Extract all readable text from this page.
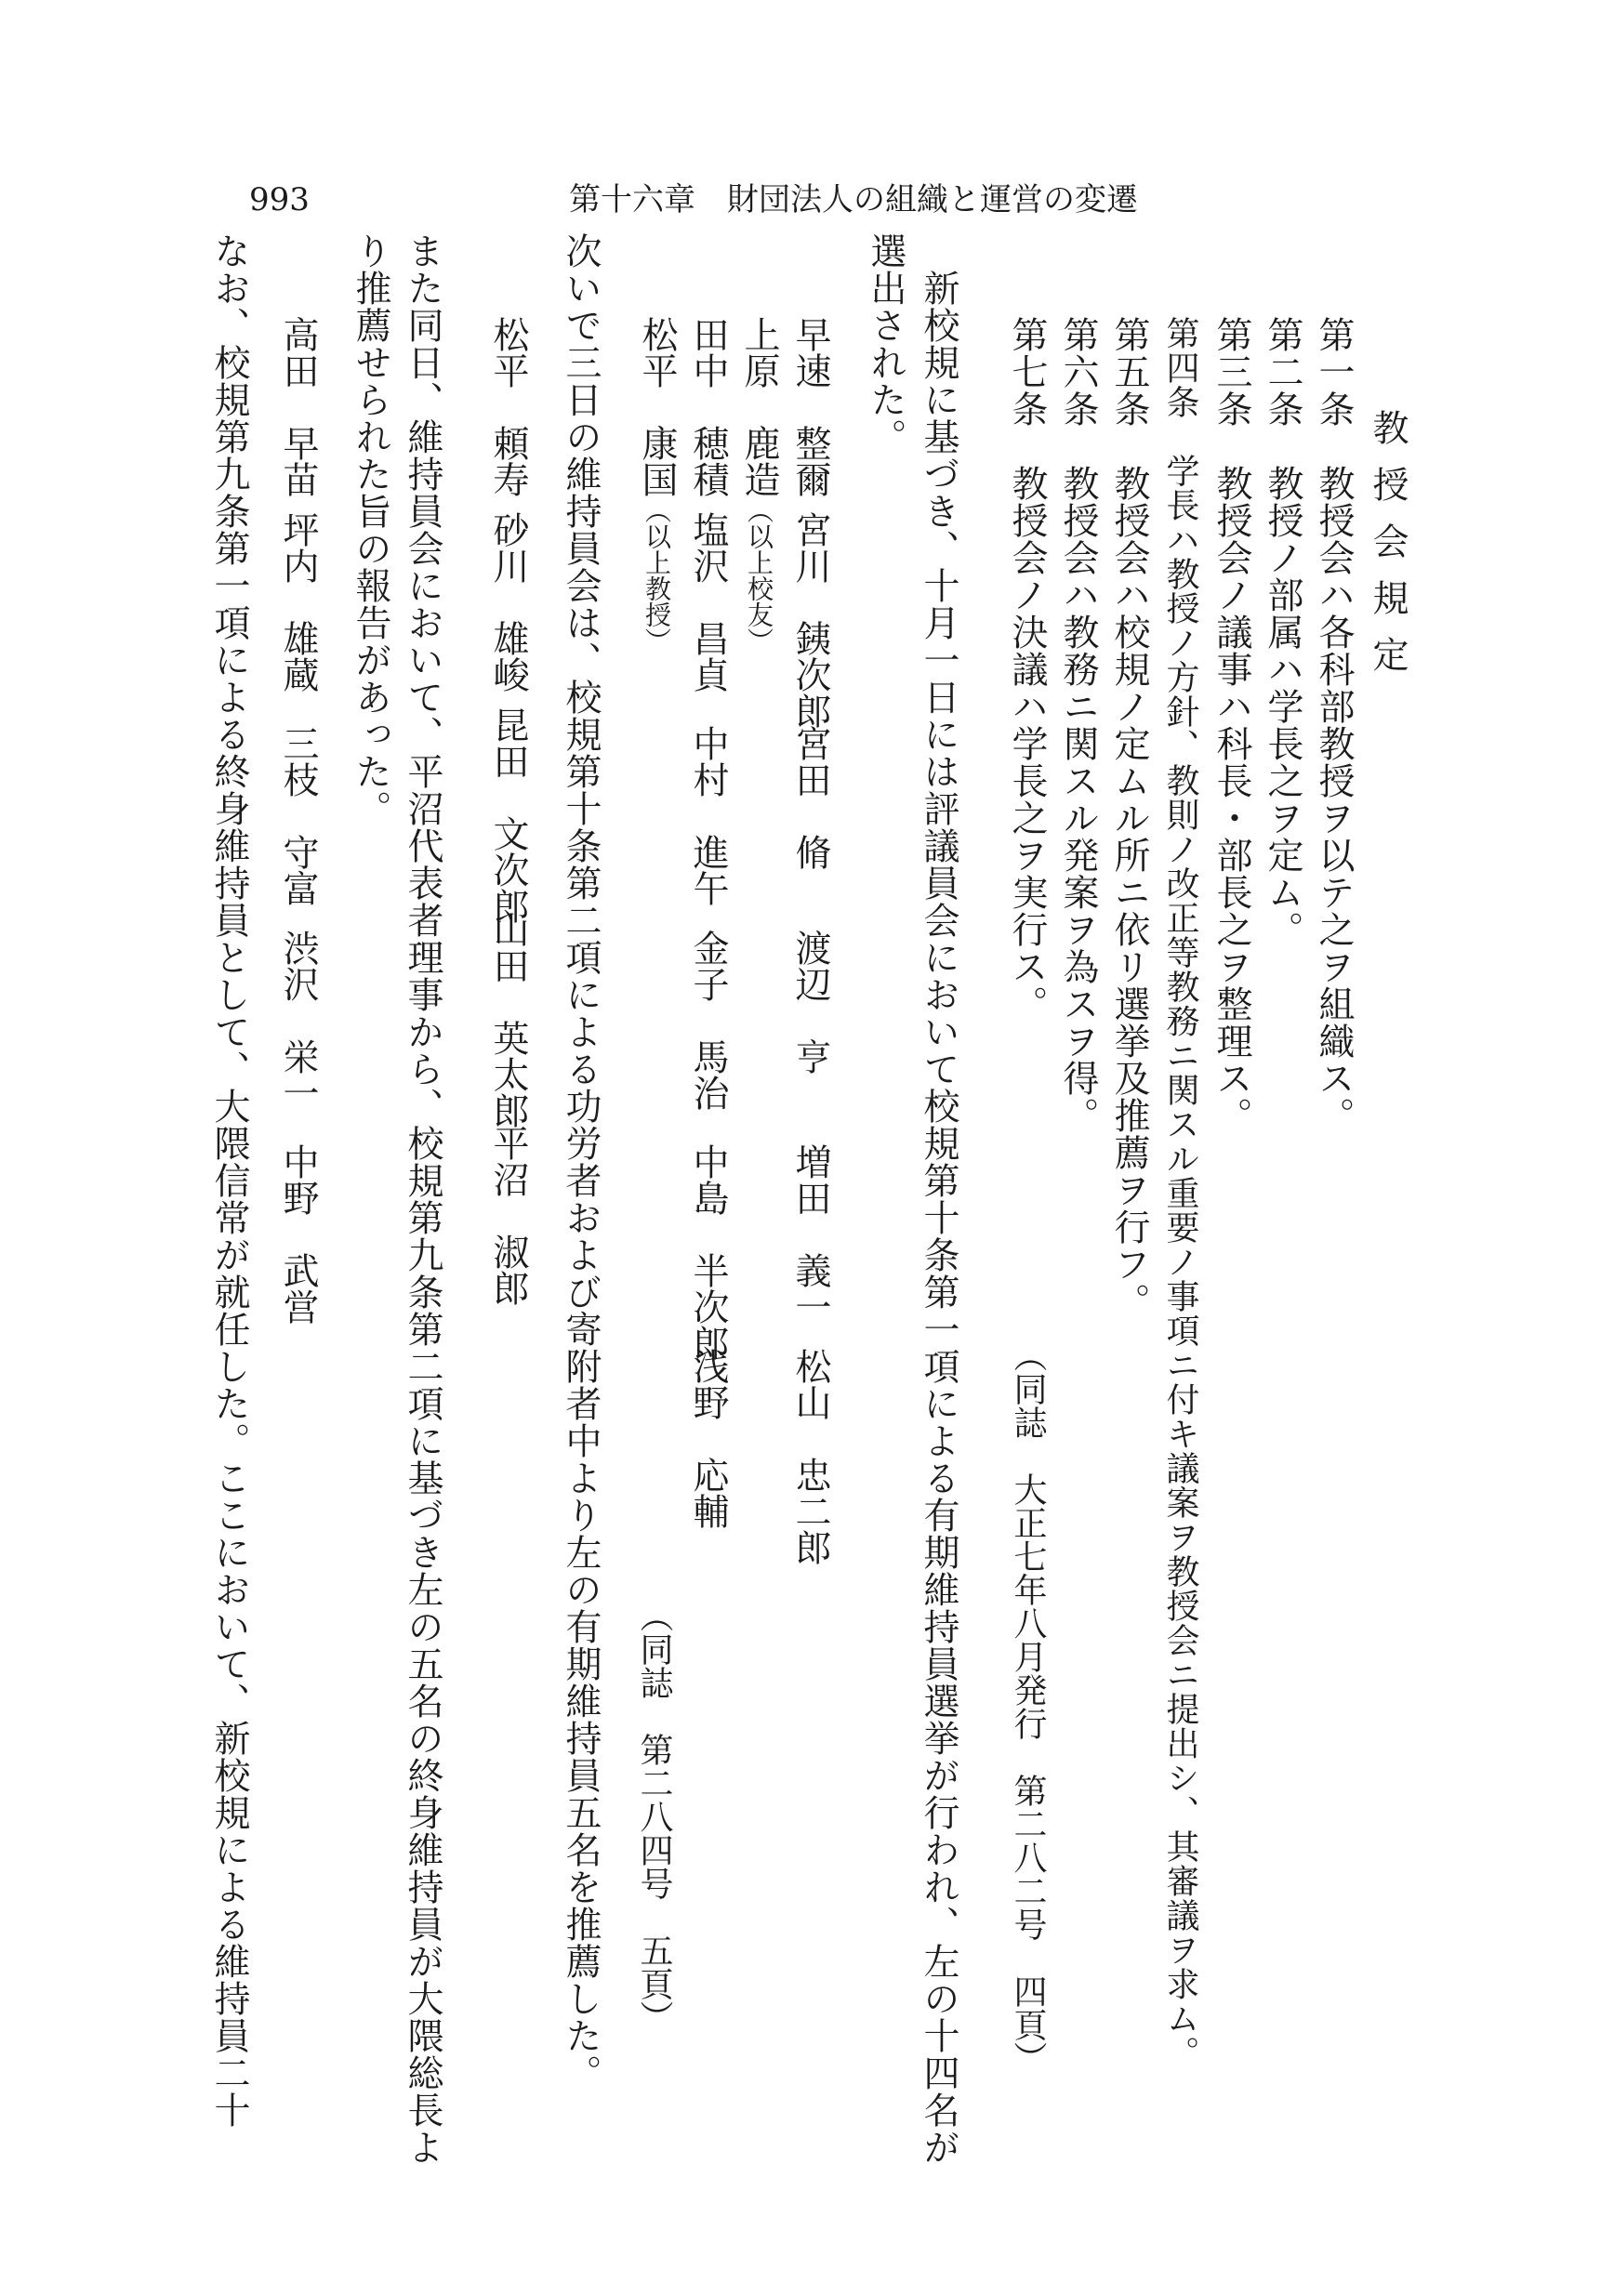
993	第十六章　財団法人の組織と運営の変遷
教授会規定
第一条　教授会ハ各科部教授ヲ以テ之ヲ組織ス。
第二条　教授ノ部属ハ学長之ヲ定ム。
第三条　教授会ノ議事ハ科長・部長之ヲ整理ス。
第四条　学長ハ教授ノ方針、教則ノ改正等教務ニ関スル重要ノ事項ニ付キ議案ヲ教授会ニ提出シ、其審議ヲ求ム。
第五条　教授会ハ校規ノ定ムル所ニ依リ選挙及推薦ヲ行フ。
第六条　教授会ハ教務ニ関スル発案ヲ為スヲ得。
第七条　教授会ノ決議ハ学長之ヲ実行ス。
（同誌　大正七年八月発行　第二八二号　四頁）
新校規に基づき、十月一日には評議員会において校規第十条第一項による有期維持員選挙が行われ、左の十四名が
選出された。
早速　整爾宮川　銕次郎宮田　脩渡辺　亨増田　義一松山　忠二郎
上原　鹿造（以上校友）
田中　穂積塩沢　昌貞中村　進午金子　馬治中島　半次郎浅野　応輔
松平　康国（以上教授）
（同誌　第二八四号　五頁）
次いで三日の維持員会は、校規第十条第二項による功労者および寄附者中より左の有期維持員五名を推薦した。
松平　頼寿砂川　雄峻昆田　文次郎山田　英太郎平沼　淑郎
また同日、維持員会において、平沼代表者理事から、校規第九条第二項に基づき左の五名の終身維持員が大隈総長よ
り推薦せられた旨の報告があった。
高田　早苗坪内　雄蔵三枝　守富渋沢　栄一中野　武営
なお、校規第九条第一項による終身維持員として、大隈信常が就任した。ここにおいて、新校規による維持員二十
